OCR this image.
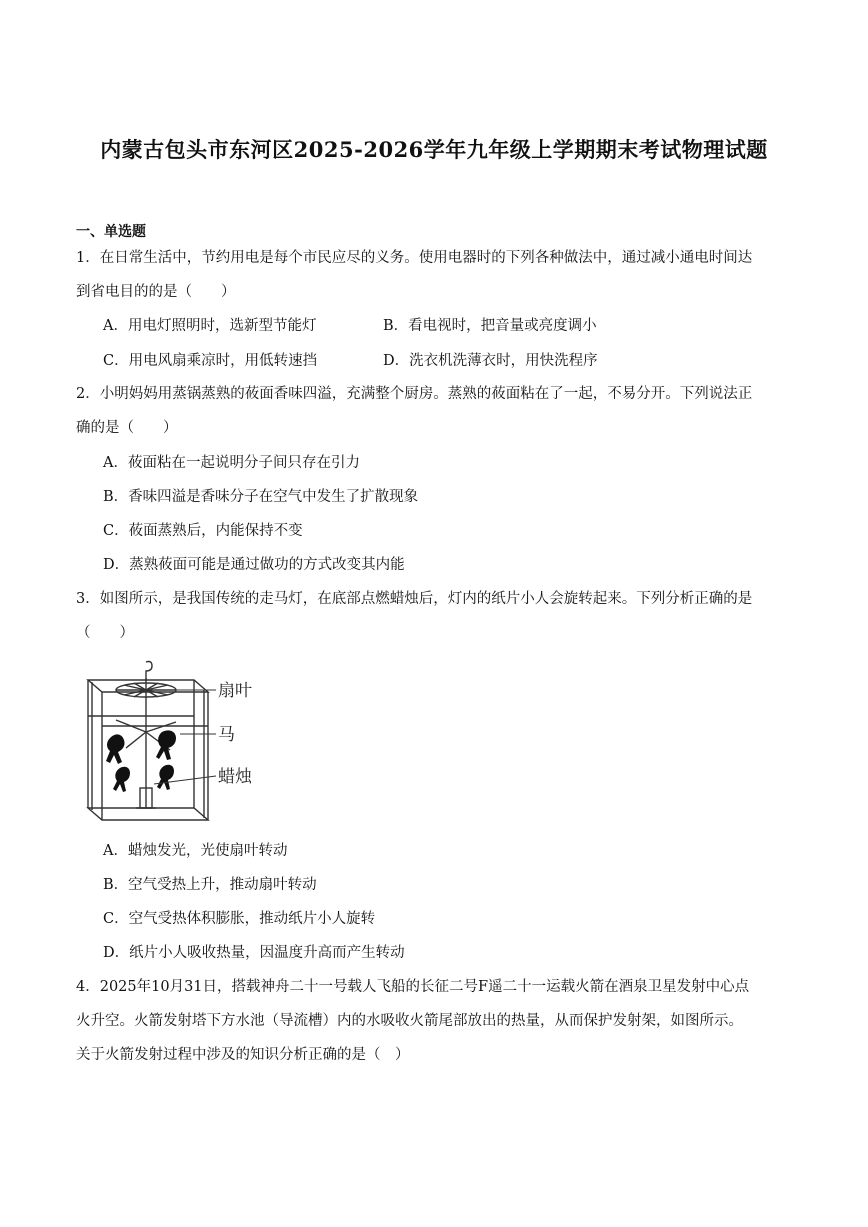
内蒙古包头市东河区2025-2026学年九年级上学期期末考试物理试题
一、单选题
1．在日常生活中，节约用电是每个市民应尽的义务。使用电器时的下列各种做法中，通过减小通电时间达
到省电目的的是（　　）
A．用电灯照明时，选新型节能灯	B．看电视时，把音量或亮度调小
C．用电风扇乘凉时，用低转速挡	D．洗衣机洗薄衣时，用快洗程序
2．小明妈妈用蒸锅蒸熟的莜面香味四溢，充满整个厨房。蒸熟的莜面粘在了一起，不易分开。下列说法正
确的是（　　）
A．莜面粘在一起说明分子间只存在引力
B．香味四溢是香味分子在空气中发生了扩散现象
C．莜面蒸熟后，内能保持不变
D．蒸熟莜面可能是通过做功的方式改变其内能
3．如图所示，是我国传统的走马灯，在底部点燃蜡烛后，灯内的纸片小人会旋转起来。下列分析正确的是
（　　）
扇叶
马
蜡烛
A．蜡烛发光，光使扇叶转动
B．空气受热上升，推动扇叶转动
C．空气受热体积膨胀，推动纸片小人旋转
D．纸片小人吸收热量，因温度升高而产生转动
4．2025年10月31日，搭载神舟二十一号载人飞船的长征二号F遥二十一运载火箭在酒泉卫星发射中心点
火升空。火箭发射塔下方水池（导流槽）内的水吸收火箭尾部放出的热量，从而保护发射架，如图所示。
关于火箭发射过程中涉及的知识分析正确的是（　）
